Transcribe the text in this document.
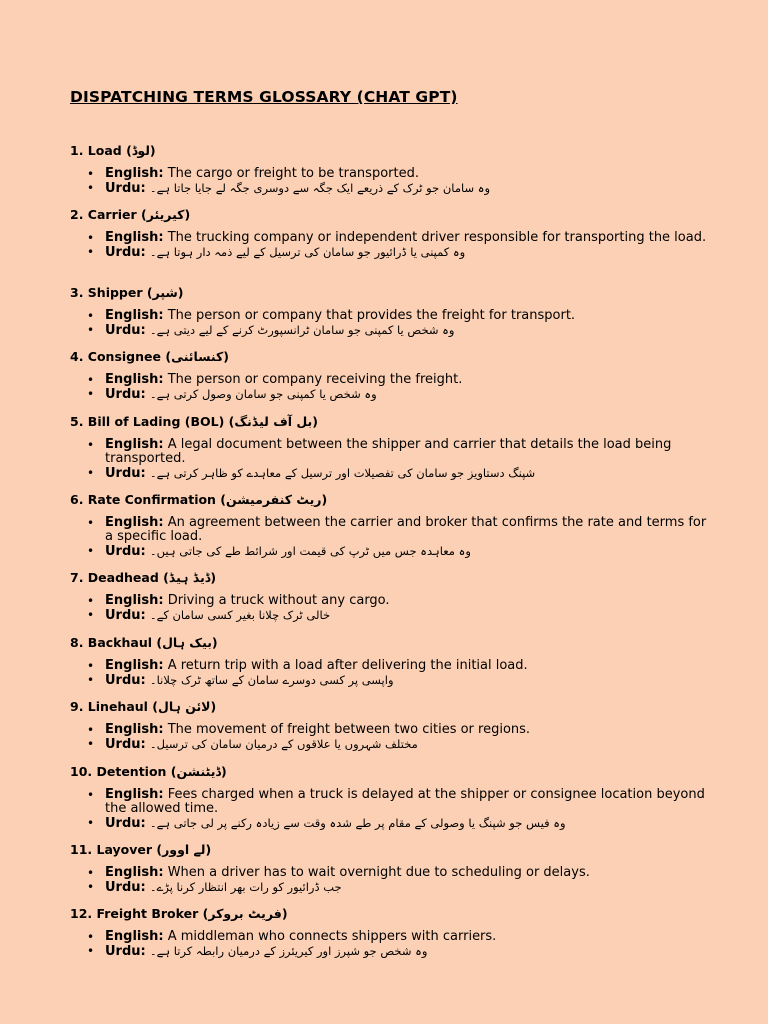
DISPATCHING TERMS GLOSSARY (CHAT GPT)
1. Load (لوڈ)
• English: The cargo or freight to be transported.
• Urdu: وہ سامان جو ٹرک کے ذریعے ایک جگہ سے دوسری جگہ لے جایا جاتا ہے۔
2. Carrier (کیریئر)
• English: The trucking company or independent driver responsible for transporting the load.
• Urdu: وہ کمپنی یا ڈرائیور جو سامان کی ترسیل کے لیے ذمہ دار ہوتا ہے۔
3. Shipper (شپر)
• English: The person or company that provides the freight for transport.
• Urdu: وہ شخص یا کمپنی جو سامان ٹرانسپورٹ کرنے کے لیے دیتی ہے۔
4. Consignee (کنسائنی)
• English: The person or company receiving the freight.
• Urdu: وہ شخص یا کمپنی جو سامان وصول کرتی ہے۔
5. Bill of Lading (BOL) (بل آف لیڈنگ)
• English: A legal document between the shipper and carrier that details the load being transported.
• Urdu: شپنگ دستاویز جو سامان کی تفصیلات اور ترسیل کے معاہدے کو ظاہر کرتی ہے۔
6. Rate Confirmation (ریٹ کنفرمیشن)
• English: An agreement between the carrier and broker that confirms the rate and terms for a specific load.
• Urdu: وہ معاہدہ جس میں ٹرپ کی قیمت اور شرائط طے کی جاتی ہیں۔
7. Deadhead (ڈیڈ ہیڈ)
• English: Driving a truck without any cargo.
• Urdu: خالی ٹرک چلانا بغیر کسی سامان کے۔
8. Backhaul (بیک ہال)
• English: A return trip with a load after delivering the initial load.
• Urdu: واپسی پر کسی دوسرے سامان کے ساتھ ٹرک چلانا۔
9. Linehaul (لائن ہال)
• English: The movement of freight between two cities or regions.
• Urdu: مختلف شہروں یا علاقوں کے درمیان سامان کی ترسیل۔
10. Detention (ڈیٹنشن)
• English: Fees charged when a truck is delayed at the shipper or consignee location beyond the allowed time.
• Urdu: وہ فیس جو شپنگ یا وصولی کے مقام پر طے شدہ وقت سے زیادہ رکنے پر لی جاتی ہے۔
11. Layover (لے اوور)
• English: When a driver has to wait overnight due to scheduling or delays.
• Urdu: جب ڈرائیور کو رات بھر انتظار کرنا پڑے۔
12. Freight Broker (فریٹ بروکر)
• English: A middleman who connects shippers with carriers.
• Urdu: وہ شخص جو شپرز اور کیریئرز کے درمیان رابطہ کرتا ہے۔
